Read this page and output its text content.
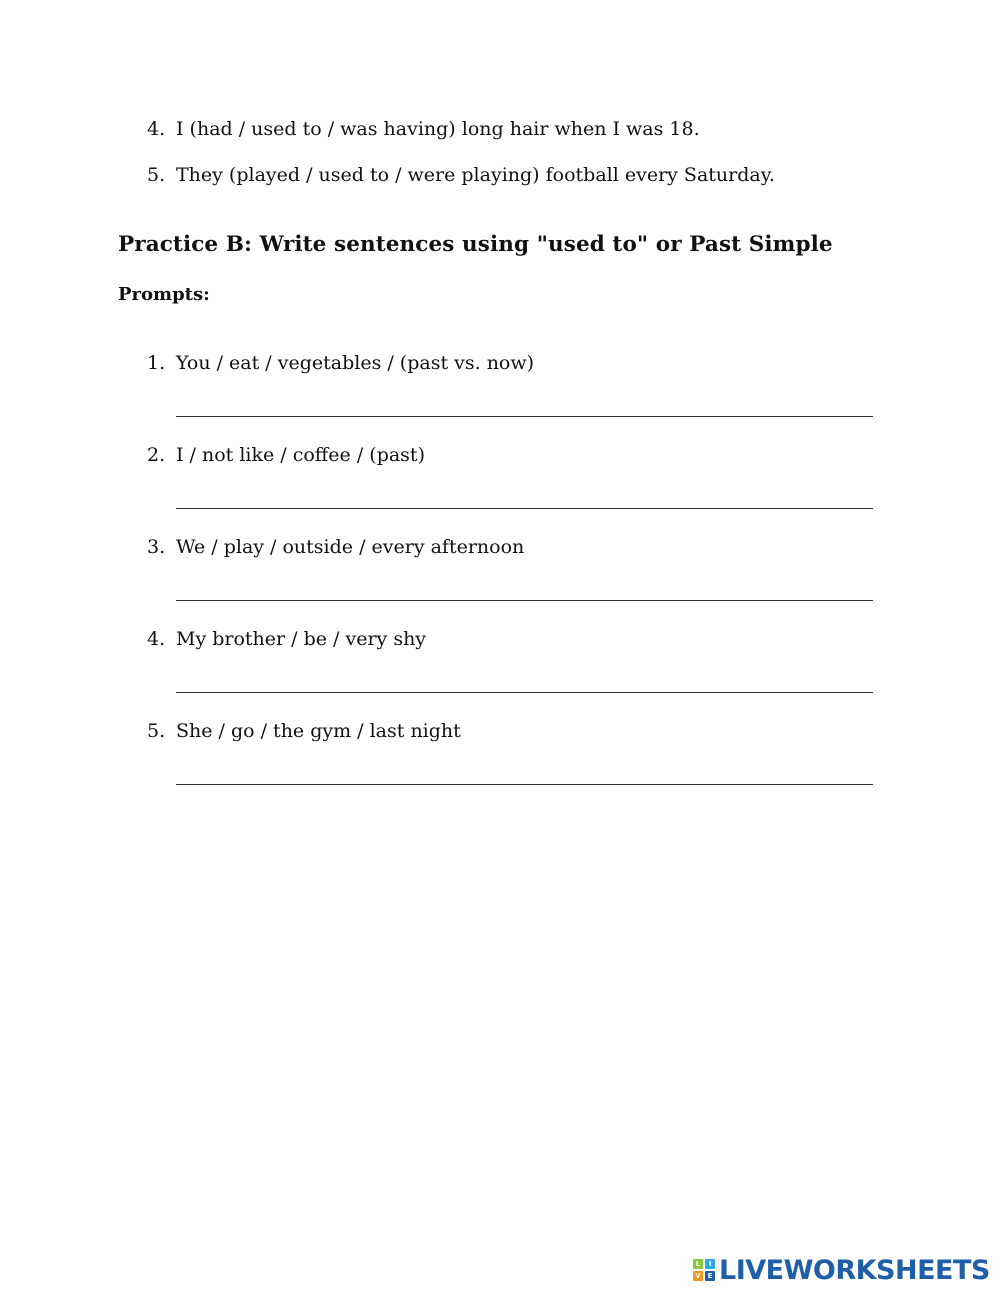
4. I (had / used to / was having) long hair when I was 18.
5. They (played / used to / were playing) football every Saturday.
Practice B: Write sentences using "used to" or Past Simple
Prompts:
1. You / eat / vegetables / (past vs. now)
2. I / not like / coffee / (past)
3. We / play / outside / every afternoon
4. My brother / be / very shy
5. She / go / the gym / last night
L	I
V E LIVEWORKSHEETS
